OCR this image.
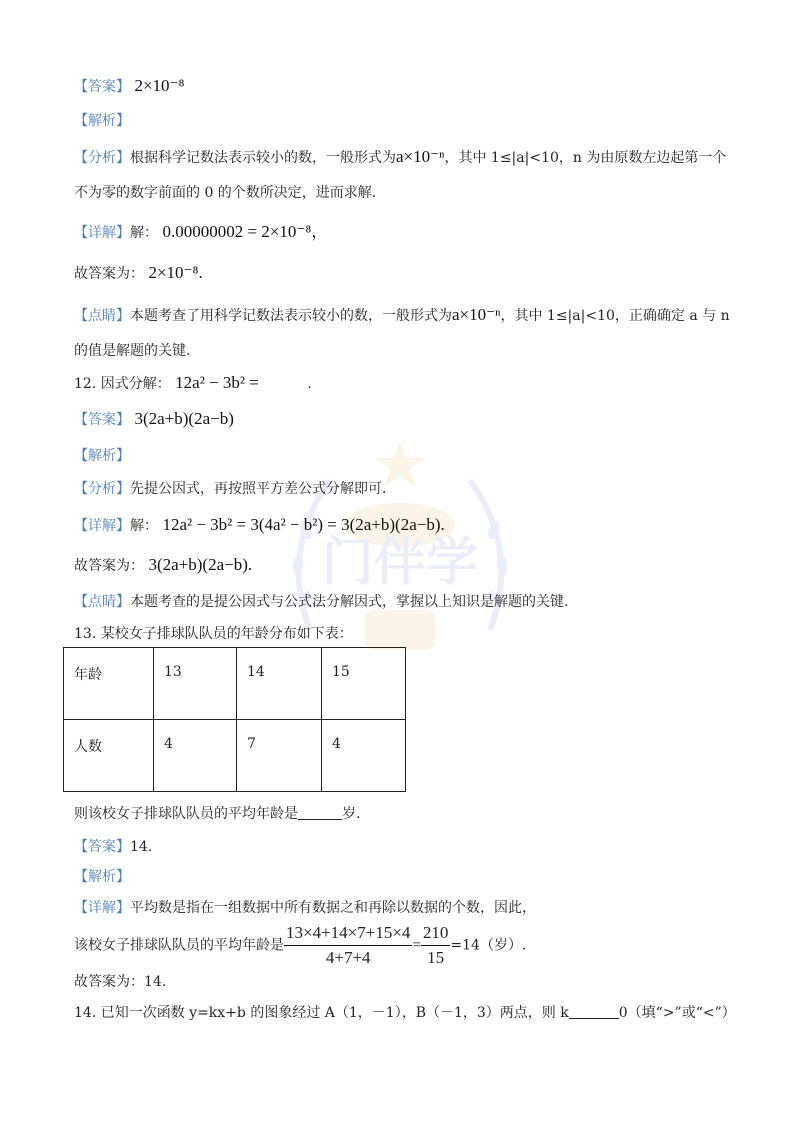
门伴学
【答案】 2×10⁻⁸
【解析】
【分析】根据科学记数法表示较小的数，一般形式为a×10⁻ⁿ，其中 1≤|a|<10，n 为由原数左边起第一个
不为零的数字前面的 0 的个数所决定，进而求解.
【详解】解： 0.00000002 = 2×10⁻⁸，
故答案为： 2×10⁻⁸.
【点睛】本题考查了用科学记数法表示较小的数，一般形式为a×10⁻ⁿ，其中 1≤|a|<10，正确确定 a 与 n
的值是解题的关键.
12. 因式分解： 12a² − 3b² =	.
【答案】 3(2a+b)(2a−b)
【解析】
【分析】先提公因式，再按照平方差公式分解即可.
【详解】解： 12a² − 3b² = 3(4a² − b²) = 3(2a+b)(2a−b).
故答案为： 3(2a+b)(2a−b).
【点睛】本题考查的是提公因式与公式法分解因式，掌握以上知识是解题的关键.
13. 某校女子排球队队员的年龄分布如下表：
年龄	13	14	15
人数	4	7	4
则该校女子排球队队员的平均年龄是	岁.
【答案】14.
【解析】
【详解】平均数是指在一组数据中所有数据之和再除以数据的个数，因此，
该校女子排球队队员的平均年龄是 $\frac{13\times 4+14\times 7+15\times 4}{4+7+4} = \frac{210}{15} =14$（岁）.
故答案为：14.
14. 已知一次函数 y=kx+b 的图象经过 A（1，－1），B（－1，3）两点，则 k	0（填“>”或“<”）
